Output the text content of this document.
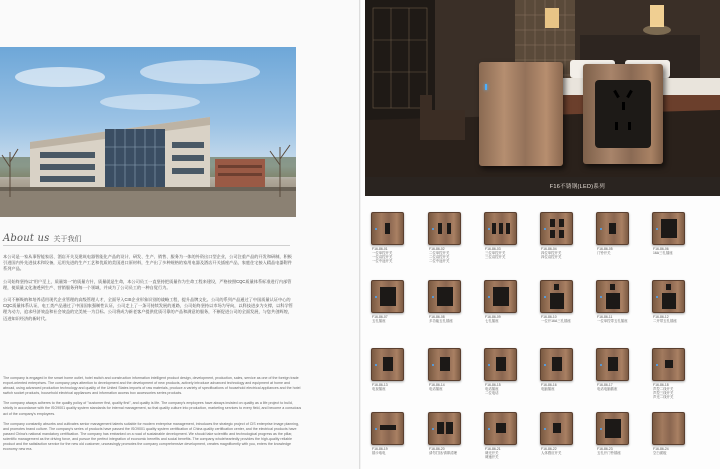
About us 关于我们

本公司是一家从事智能家居、酒店开关及建筑电器智能化产品的设计、研发、生产、销售、服务为一体的外资出口型企业，公司注重产品的开发和研制，积极引进国内外先进技术和设备，运用先进的生产工艺和优质的美国进口原材料，生产出了多种规格的家用电器及酒店开关插座产品，家庭住宅接入精品电器附件系列产品。

公司始终坚持以“用户至上，质量第一”的质量方针，质量就是生命，本公司员工一直坚持把质量作为生命工程来建设，严格按照CQC质量体系标准进行内部管理，使质量文化渗透到生产、营销服务到每一个领域，并成为了公司员工的一种自觉行为。

公司不断吸纳和培养适用现代企业管理的高级管理人才，全面导入CIS企业形象识别的战略工程，提升品牌文化。公司的系列产品通过了中国质量认证中心的CQC质量体系认证，电工类产品通过了中国国家强制性认证，公司走上了一条可持续发展的道路，公司始终坚持以市场为导向，以科技进步为支撑，以科学管理为动力，追求经济效益和社会效益的完美统一为目标。公司将成为新老客户提供优质可靠的产品和满意的服务，不断促进公司的全面发展，与您共创辉煌，迈进知识经济的新时代。

The company is engaged in the smart home outlet, hotel switch and construction information intelligent product design, development, production, sales, service as one of the foreign trade export-oriented enterprises. The company pays attention to development and the development of new products, actively introduce advanced technology and equipment at home and abroad, using advanced production technology and quality of the United States imports of raw materials, produce a variety of specifications of household electrical appliances and the hotel switch socket products, household electrical appliances and information access box accessories series products.

The company always adheres to the quality policy of "customer first, quality first", and quality is life. The company's employees have always insisted on quality as a life project to build, strictly in accordance with the ISO9001 quality system standards for internal management, so that quality culture into production, marketing services to every field, and become a conscious act of the company's employees.

The company constantly absorbs and cultivates senior management talents suitable for modern enterprise management, introduces the strategic project of CIS enterprise image planning, and promotes brand culture. The company's series of products have passed the ISO9001 quality system certification of China quality certification center, and the electrical products have passed China's national mandatory certification. The company has embarked on a road of sustainable development. We should take scientific and technological progress as the pillar, scientific management as the driving force, and pursue the perfect integration of economic benefits and social benefits. The company wholeheartedly provides the high-quality reliable product and the satisfaction service for the new old customer, unceasingly promotes the company comprehensive development, creates magnificently with you, enters the knowledge economy new era.

F16不锈钢(LED)系列
F16-86-01
一位单控开关
一位双控开关
一位中途开关
F16-86-02
二位单控开关
二位双控开关
二位中途开关
F16-86-03
三位单控开关
三位双控开关
F16-86-04
四位单控开关
四位双控开关
F16-86-05
门铃开关
F16-86-06
16A三孔插座
F16-86-07
五孔插座
F16-86-08
多功能五孔插座
F16-86-09
七孔插座
F16-86-10
一位开16A三孔插座
F16-86-11
一位单控带五孔插座
F16-86-12
二开带五孔插座
F16-86-13
电视插座
F16-86-14
电话插座
F16-86-15
电话插座
二位电话
F16-86-16
电脑插座
F16-86-17
电话电脑插座
F16-86-18
声控二线开关
声控三线开关
声光二线开关
F16-86-19
插卡取电
F16-86-20
请勿打扰/请即清理
F16-86-21
调光开关
调速开关
F16-86-22
人体感应开关
F16-86-23
五孔开门铃插座
F16-86-24
空白面板
